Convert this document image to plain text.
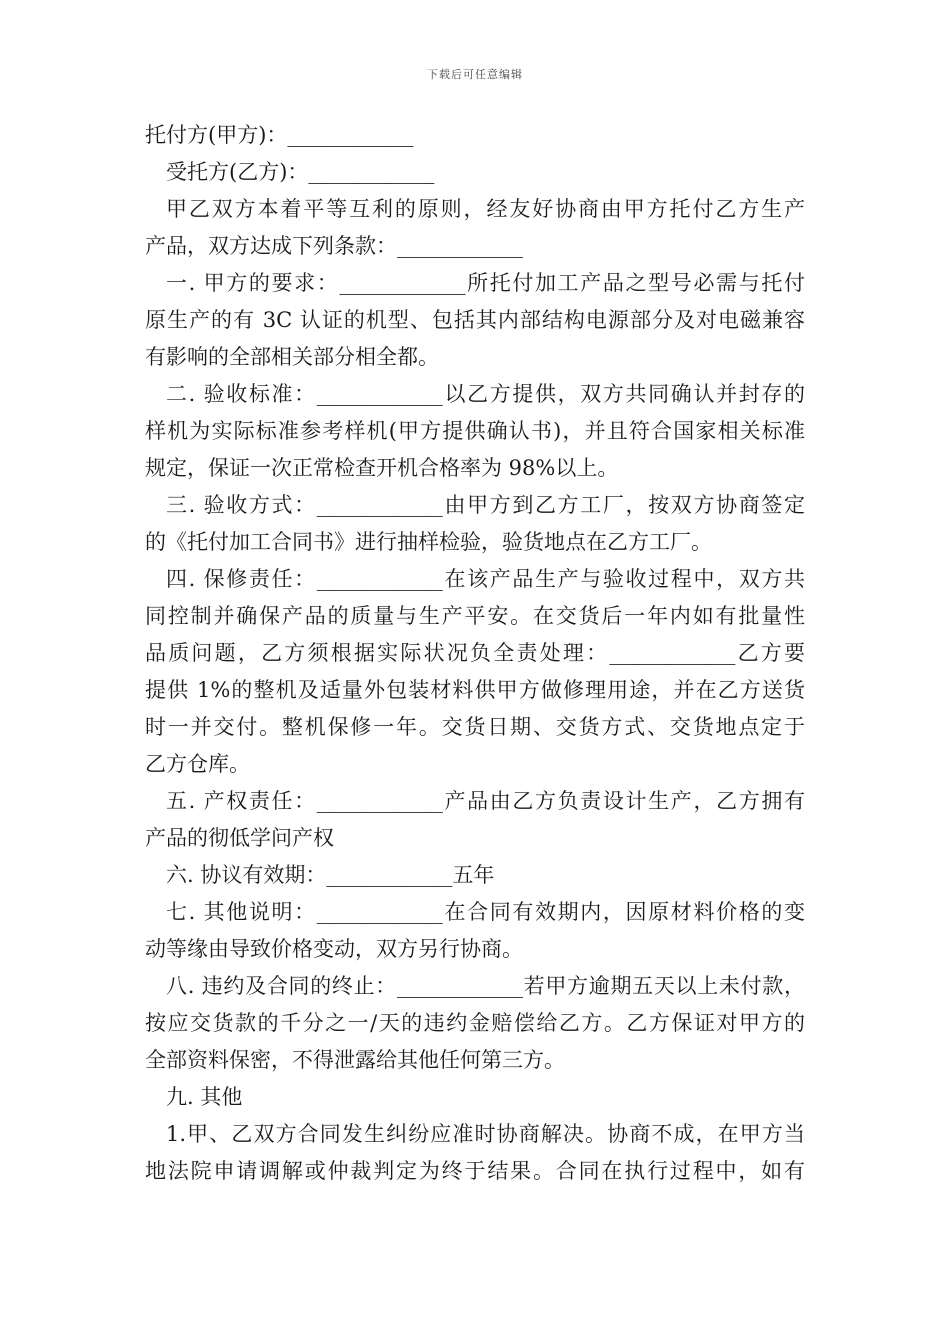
下载后可任意编辑
托付方(甲方)：____________
受托方(乙方)：____________
甲乙双方本着平等互利的原则，经友好协商由甲方托付乙方生产
产品，双方达成下列条款：____________
一. 甲方的要求：____________所托付加工产品之型号必需与托付
原生产的有 3C 认证的机型、包括其内部结构电源部分及对电磁兼容
有影响的全部相关部分相全都。
二. 验收标准：____________以乙方提供，双方共同确认并封存的
样机为实际标准参考样机(甲方提供确认书)，并且符合国家相关标准
规定，保证一次正常检查开机合格率为 98%以上。
三. 验收方式：____________由甲方到乙方工厂，按双方协商签定
的《托付加工合同书》进行抽样检验，验货地点在乙方工厂。
四. 保修责任：____________在该产品生产与验收过程中，双方共
同控制并确保产品的质量与生产平安。在交货后一年内如有批量性
品质问题，乙方须根据实际状况负全责处理：____________乙方要
提供 1%的整机及适量外包装材料供甲方做修理用途，并在乙方送货
时一并交付。整机保修一年。交货日期、交货方式、交货地点定于
乙方仓库。
五. 产权责任：____________产品由乙方负责设计生产，乙方拥有
产品的彻低学问产权
六. 协议有效期：____________五年
七. 其他说明：____________在合同有效期内，因原材料价格的变
动等缘由导致价格变动，双方另行协商。
八. 违约及合同的终止：____________若甲方逾期五天以上未付款，
按应交货款的千分之一/天的违约金赔偿给乙方。乙方保证对甲方的
全部资料保密，不得泄露给其他任何第三方。
九. 其他
1.甲、乙双方合同发生纠纷应准时协商解决。协商不成，在甲方当
地法院申请调解或仲裁判定为终于结果。合同在执行过程中，如有
